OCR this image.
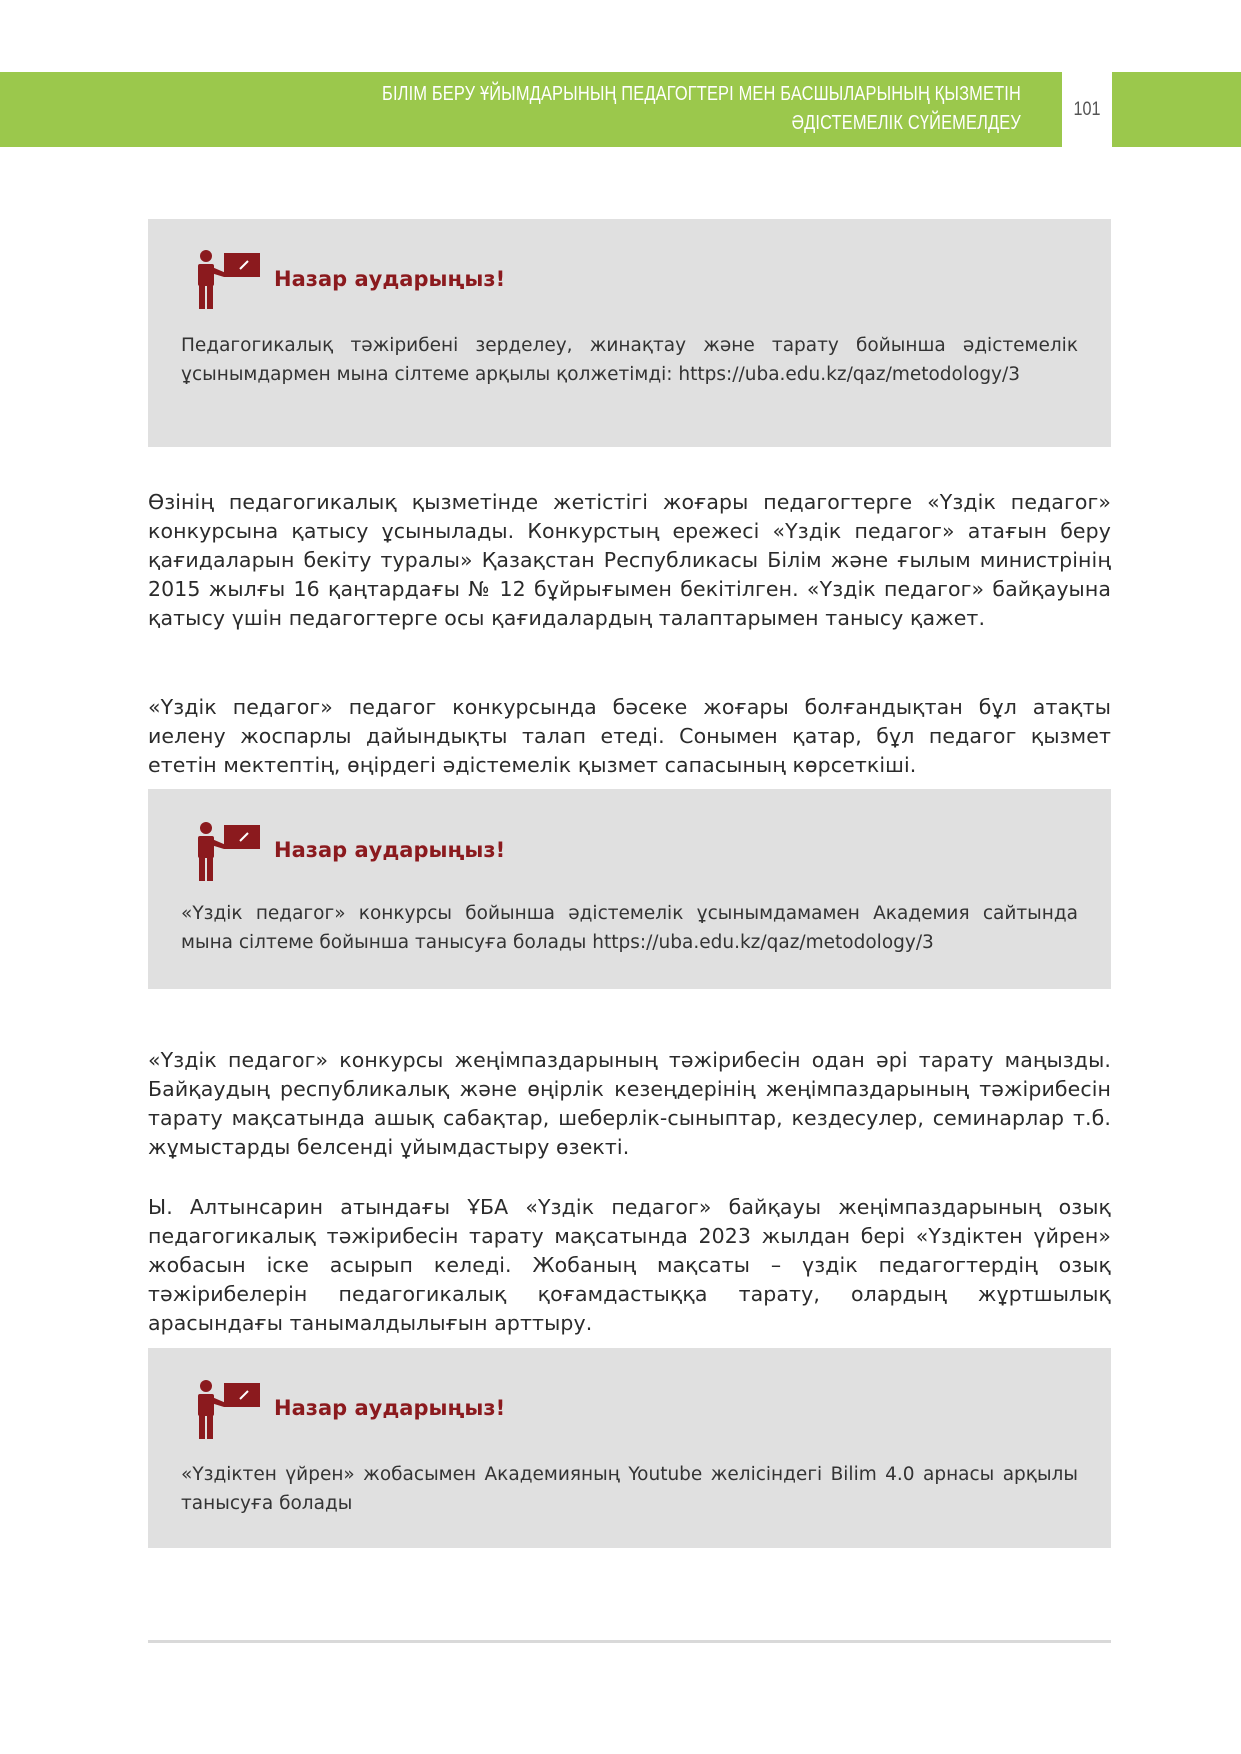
БІЛІМ БЕРУ ҰЙЫМДАРЫНЫҢ ПЕДАГОГТЕРІ МЕН БАСШЫЛАРЫНЫҢ ҚЫЗМЕТІН
ӘДІСТЕМЕЛІК СҮЙЕМЕЛДЕУ
101
Назар аударыңыз!
Педагогикалық тәжірибені зерделеу, жинақтау және тарату бойынша әдістемелік ұсынымдармен мына сілтеме арқылы қолжетімді: https://uba.edu.kz/qaz/metodology/3
Өзінің педагогикалық қызметінде жетістігі жоғары педагогтерге «Үздік педагог» конкурсына қатысу ұсынылады. Конкурстың ережесі «Үздік педагог» атағын беру қағидаларын бекіту туралы» Қазақстан Республикасы Білім және ғылым министрінің 2015 жылғы 16 қаңтардағы № 12 бұйрығымен бекітілген. «Үздік педагог» байқауына қатысу үшін педагогтерге осы қағидалардың талаптарымен танысу қажет.
«Үздік педагог» педагог конкурсында бәсеке жоғары болғандықтан бұл атақты иелену жоспарлы дайындықты талап етеді. Сонымен қатар, бұл педагог қызмет ететін мектептің, өңірдегі әдістемелік қызмет сапасының көрсеткіші.
Назар аударыңыз!
«Үздік педагог» конкурсы бойынша әдістемелік ұсынымдамамен Академия сайтында мына сілтеме бойынша танысуға болады https://uba.edu.kz/qaz/metodology/3
«Үздік педагог» конкурсы жеңімпаздарының тәжірибесін одан әрі тарату маңызды. Байқаудың республикалық және өңірлік кезеңдерінің жеңімпаздарының тәжірибесін тарату мақсатында ашық сабақтар, шеберлік-сыныптар, кездесулер, семинарлар т.б. жұмыстарды белсенді ұйымдастыру өзекті.
Ы. Алтынсарин атындағы ҰБА «Үздік педагог» байқауы жеңімпаздарының озық педагогикалық тәжірибесін тарату мақсатында 2023 жылдан бері «Үздіктен үйрен» жобасын іске асырып келеді. Жобаның мақсаты – үздік педагогтердің озық тәжірибелерін педагогикалық қоғамдастыққа тарату, олардың жұртшылық арасындағы танымалдылығын арттыру.
Назар аударыңыз!
«Үздіктен үйрен» жобасымен Академияның Youtube желісіндегі Bilim 4.0 арнасы арқылы танысуға болады
